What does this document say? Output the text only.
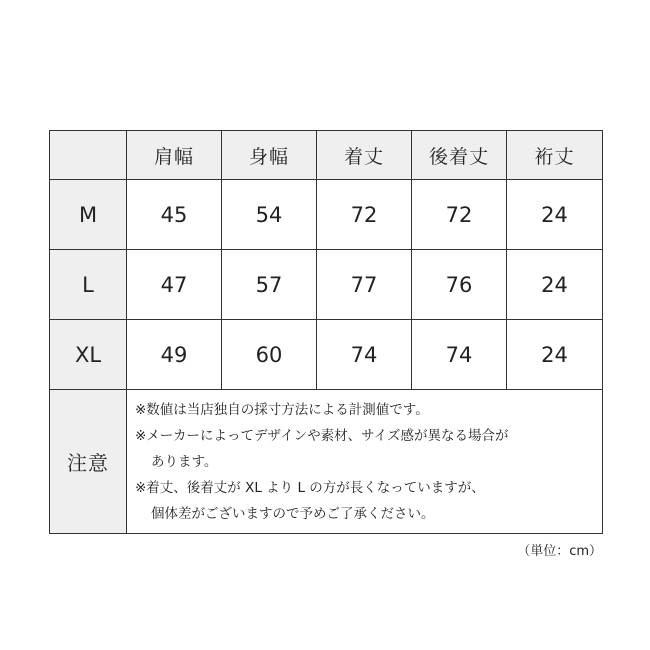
	肩幅	身幅	着丈	後着丈	裄丈
M	45	54	72	72	24
L	47	57	77	76	24
XL	49	60	74	74	24
注意	※数値は当店独自の採寸方法による計測値です。
※メーカーによってデザインや素材、サイズ感が異なる場合が
あります。
※着丈、後着丈が XL より L の方が長くなっていますが、
個体差がございますので予めご了承ください。				
（単位：cm）
